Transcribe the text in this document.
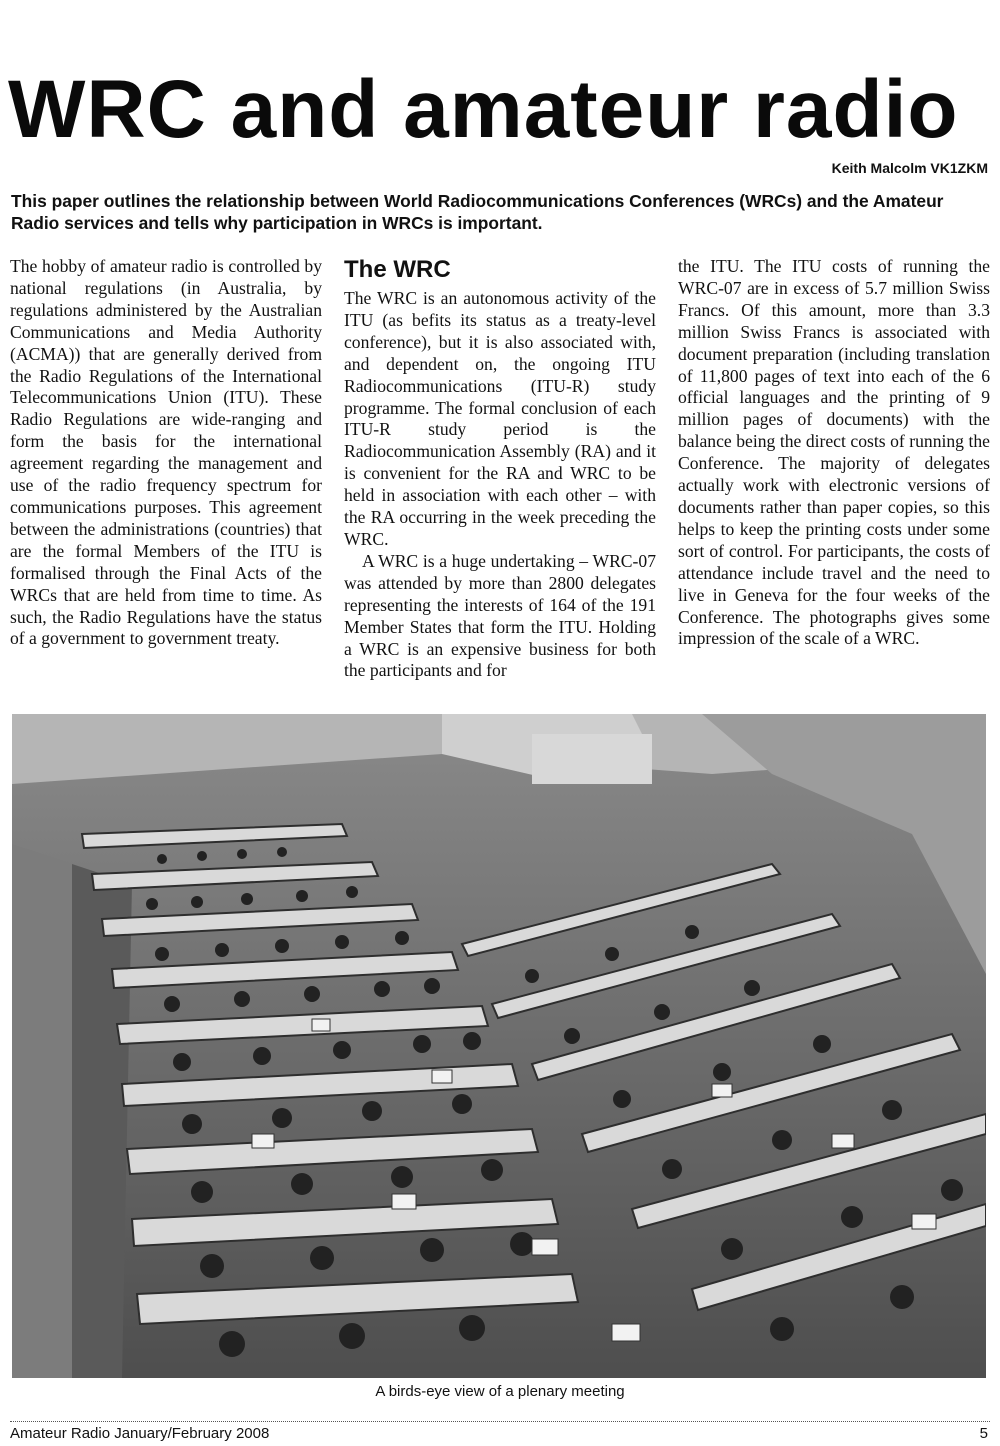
WRC and amateur radio
Keith Malcolm VK1ZKM

This paper outlines the relationship between World Radiocommunications Conferences (WRCs) and the Amateur Radio services and tells why participation in WRCs is important.

The hobby of amateur radio is controlled by national regulations (in Australia, by regulations administered by the Australian Communications and Media Authority (ACMA)) that are generally derived from the Radio Regulations of the International Telecommunications Union (ITU). These Radio Regulations are wide-ranging and form the basis for the international agreement regarding the management and use of the radio frequency spectrum for communications purposes. This agreement between the administrations (countries) that are the formal Members of the ITU is formalised through the Final Acts of the WRCs that are held from time to time. As such, the Radio Regulations have the status of a government to government treaty.

The WRC

The WRC is an autonomous activity of the ITU (as befits its status as a treaty-level conference), but it is also associated with, and dependent on, the ongoing ITU Radiocommunications (ITU-R) study programme. The formal conclusion of each ITU-R study period is the Radiocommunication Assembly (RA) and it is convenient for the RA and WRC to be held in association with each other – with the RA occurring in the week preceding the WRC.

A WRC is a huge undertaking – WRC-07 was attended by more than 2800 delegates representing the interests of 164 of the 191 Member States that form the ITU. Holding a WRC is an expensive business for both the participants and for

the ITU. The ITU costs of running the WRC-07 are in excess of 5.7 million Swiss Francs. Of this amount, more than 3.3 million Swiss Francs is associated with document preparation (including translation of 11,800 pages of text into each of the 6 official languages and the printing of 9 million pages of documents) with the balance being the direct costs of running the Conference. The majority of delegates actually work with electronic versions of documents rather than paper copies, so this helps to keep the printing costs under some sort of control. For participants, the costs of attendance include travel and the need to live in Geneva for the four weeks of the Conference. The photographs gives some impression of the scale of a WRC.

A birds-eye view of a plenary meeting
Amateur Radio January/February 2008	5
